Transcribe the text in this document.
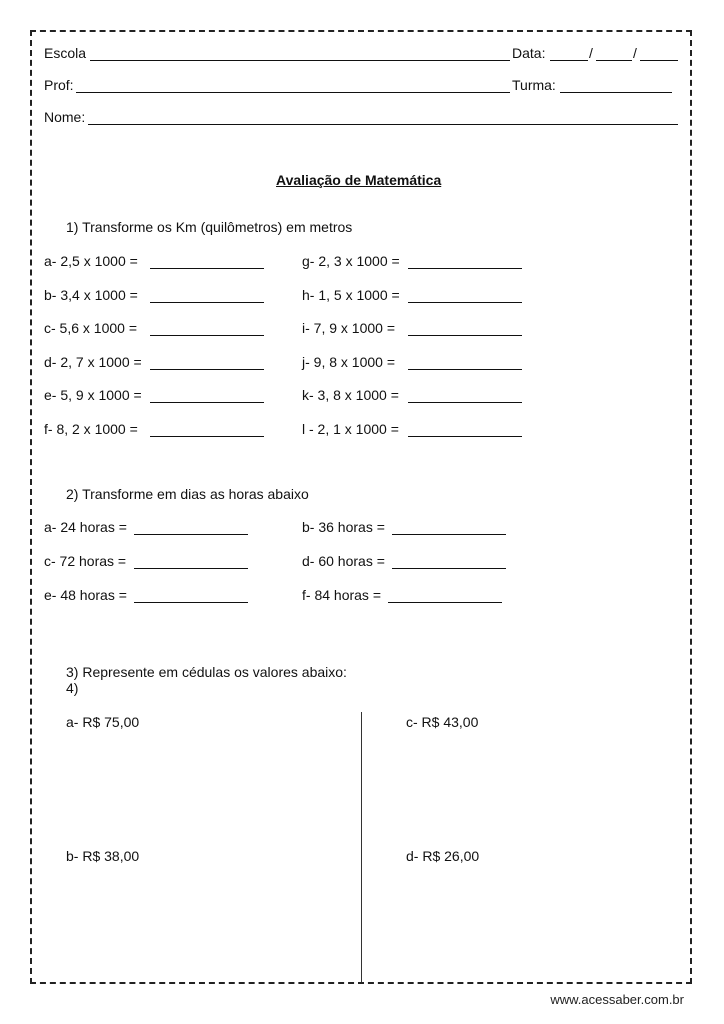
Escola	Data:	/	/
Prof:	Turma:
Nome:
Avaliação de Matemática
1) Transforme os Km (quilômetros) em metros
a- 2,5 x 1000 =	g- 2, 3 x 1000 =
b- 3,4 x 1000 =	h- 1, 5 x 1000 =
c- 5,6 x 1000 =	i- 7, 9 x 1000 =
d- 2, 7 x 1000 =	j- 9, 8 x 1000 =
e- 5, 9 x 1000 =	k- 3, 8 x 1000 =
f- 8, 2 x 1000 =	l - 2, 1 x 1000 =
2) Transforme em dias as horas abaixo
a- 24 horas =	b- 36 horas =
c- 72 horas =	d- 60 horas =
e- 48 horas =	f- 84 horas =
3) Represente em cédulas os valores abaixo:
4)
a- R$ 75,00	c- R$ 43,00
b- R$ 38,00	d- R$ 26,00
www.acessaber.com.br
